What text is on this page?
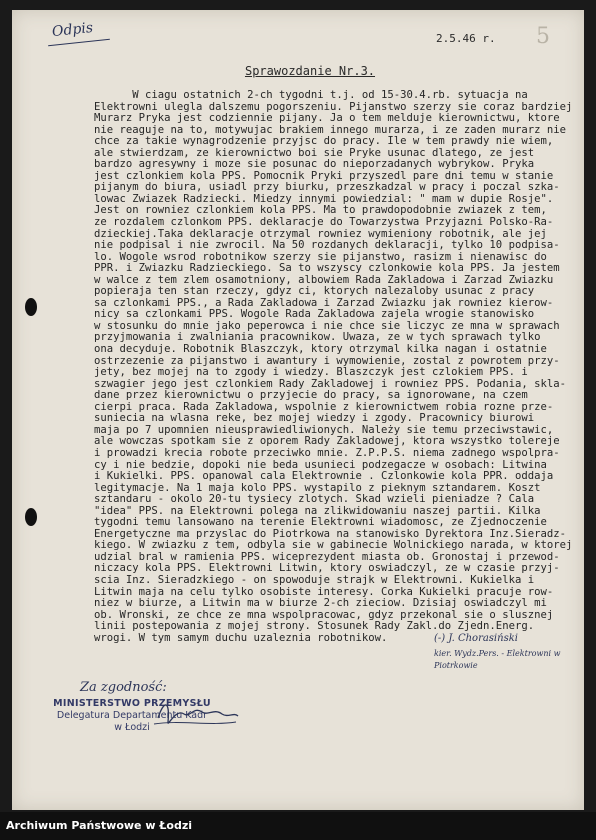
Odpis	5
2.5.46 r.
Sprawozdanie Nr.3.
W ciagu ostatnich 2-ch tygodni t.j. od 15-30.4.rb. sytuacja na
Elektrowni ulegla dalszemu pogorszeniu. Pijanstwo szerzy sie coraz bardziej
Murarz Pryka jest codziennie pijany. Ja o tem melduje kierownictwu, ktore
nie reaguje na to, motywujac brakiem innego murarza, i ze zaden murarz nie
chce za takie wynagrodzenie przyjsc do pracy. Ile w tem prawdy nie wiem,
ale stwierdzam, ze kierownictwo boi sie Pryke usunac dlatego, ze jest
bardzo agresywny i moze sie posunac do nieporzadanych wybrykow. Pryka
jest czlonkiem kola PPS. Pomocnik Pryki przyszedl pare dni temu w stanie
pijanym do biura, usiadl przy biurku, przeszkadzal w pracy i poczal szka-
lowac Zwiazek Radziecki. Miedzy innymi powiedzial: " mam w dupie Rosje".
Jest on rowniez czlonkiem kola PPS. Ma to prawdopodobnie zwiazek z tem,
ze rozdalem czlonkom PPS. deklaracje do Towarzystwa Przyjazni Polsko-Ra-
dzieckiej.Taka deklaracje otrzymal rowniez wymieniony robotnik, ale jej
nie podpisal i nie zwrocil. Na 50 rozdanych deklaracji, tylko 10 podpisa-
lo. Wogole wsrod robotnikow szerzy sie pijanstwo, rasizm i nienawisc do
PPR. i Zwiazku Radzieckiego. Sa to wszyscy czlonkowie kola PPS. Ja jestem
w walce z tem zlem osamotniony, albowiem Rada Zakladowa i Zarzad Zwiazku
popieraja ten stan rzeczy, gdyz ci, ktorych nalezaloby usunac z pracy
sa czlonkami PPS., a Rada Zakladowa i Zarzad Zwiazku jak rowniez kierow-
nicy sa czlonkami PPS. Wogole Rada Zakladowa zajela wrogie stanowisko
w stosunku do mnie jako peperowca i nie chce sie liczyc ze mna w sprawach
przyjmowania i zwalniania pracownikow. Uwaza, ze w tych sprawach tylko
ona decyduje. Robotnik Blaszczyk, ktory otrzymal kilka nagan i ostatnie
ostrzezenie za pijanstwo i awantury i wymowienie, zostal z powrotem przy-
jety, bez mojej na to zgody i wiedzy. Blaszczyk jest czlokiem PPS. i
szwagier jego jest czlonkiem Rady Zakladowej i rowniez PPS. Podania, skla-
dane przez kierownictwu o przyjecie do pracy, sa ignorowane, na czem
cierpi praca. Rada Zakladowa, wspolnie z kierownictwem robia rozne prze-
suniecia na wlasna reke, bez mojej wiedzy i zgody. Pracownicy biurowi
maja po 7 upomnien nieusprawiedliwionych. Należy sie temu przeciwstawic,
ale wowczas spotkam sie z oporem Rady Zakladowej, ktora wszystko tolereje
i prowadzi krecia robote przeciwko mnie. Z.P.P.S. niema zadnego wspolpra-
cy i nie bedzie, dopoki nie beda usunieci podzegacze w osobach: Litwina
i Kukielki. PPS. opanowal cala Elektrownie . Czlonkowie kola PPR. oddaja
legitymacje. Na 1 maja kolo PPS. wystapilo z pieknym sztandarem. Koszt
sztandaru - okolo 20-tu tysiecy zlotych. Skad wzieli pieniadze ? Cala
"idea" PPS. na Elektrowni polega na zlikwidowaniu naszej partii. Kilka
tygodni temu lansowano na terenie Elektrowni wiadomosc, ze Zjednoczenie
Energetyczne ma przyslac do Piotrkowa na stanowisko Dyrektora Inz.Sieradz-
kiego. W zwiazku z tem, odbyla sie w gabinecie Wolnickiego narada, w ktorej
udzial bral w ramienia PPS. wiceprezydent miasta ob. Gronostaj i przewod-
niczacy kola PPS. Elektrowni Litwin, ktory oswiadczyl, ze w czasie przyj-
scia Inz. Sieradzkiego - on spowoduje strajk w Elektrowni. Kukielka i
Litwin maja na celu tylko osobiste interesy. Corka Kukielki pracuje row-
niez w biurze, a Litwin ma w biurze 2-ch zieciow. Dzisiaj oswiadczyl mi
ob. Wronski, ze chce ze mna wspolpracowac, gdyz przekonal sie o slusznej
linii postepowania z mojej strony. Stosunek Rady Zakl.do Zjedn.Energ.
wrogi. W tym samym duchu uzaleznia robotnikow.	(-) J. Chorasiński
kier. Wydz.Pers. - Elektrowni w Piotrkowie
Za zgodność:
MINISTERSTWO PRZEMYSŁU
Delegatura Departamentu Kadr
w Łodzi
Archiwum Państwowe w Łodzi
